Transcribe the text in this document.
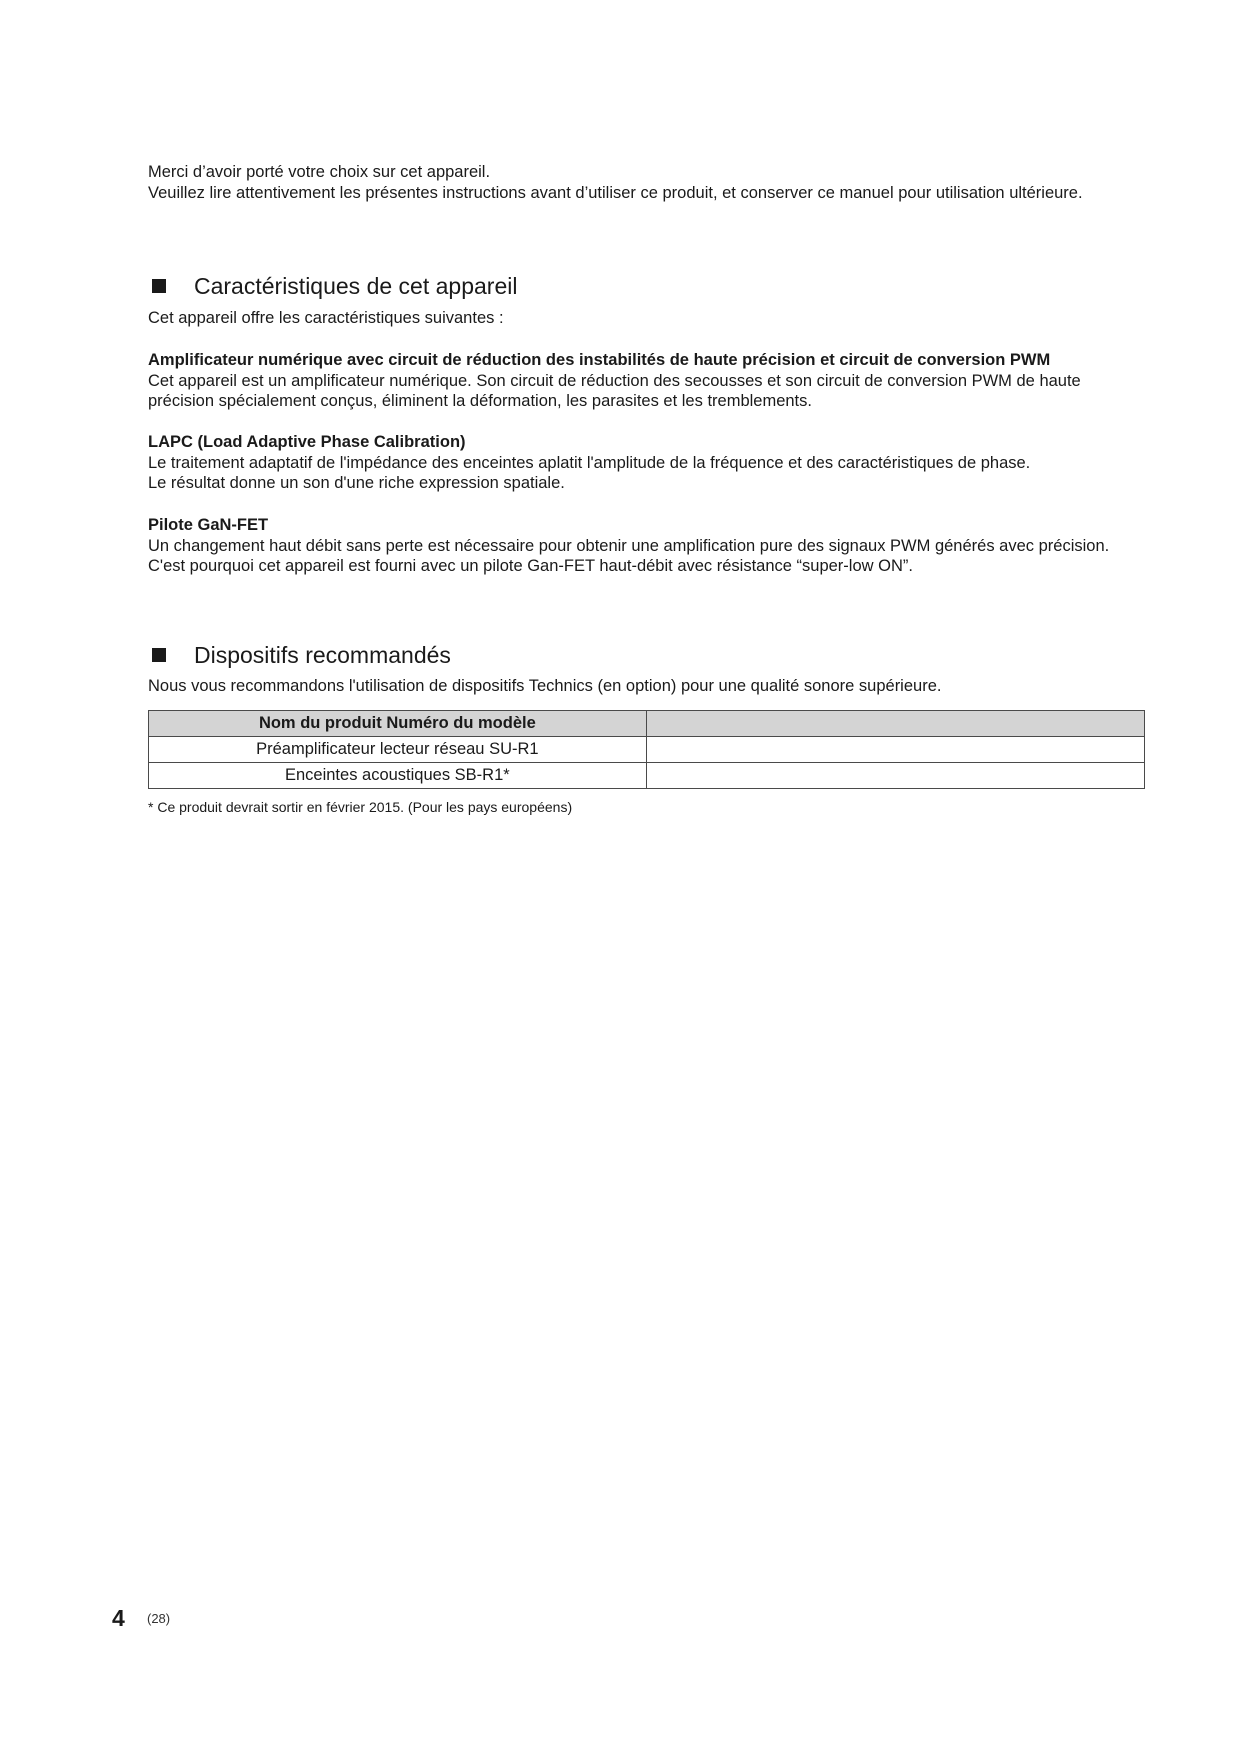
Merci d’avoir porté votre choix sur cet appareil.

Veuillez lire attentivement les présentes instructions avant d’utiliser ce produit, et conserver ce manuel pour utilisation ultérieure.

Caractéristiques de cet appareil

Cet appareil offre les caractéristiques suivantes :

Amplificateur numérique avec circuit de réduction des instabilités de haute précision et circuit de conversion PWM

Cet appareil est un amplificateur numérique. Son circuit de réduction des secousses et son circuit de conversion PWM de haute précision spécialement conçus, éliminent la déformation, les parasites et les tremblements.

LAPC (Load Adaptive Phase Calibration)

Le traitement adaptatif de l'impédance des enceintes aplatit l'amplitude de la fréquence et des caractéristiques de phase.

Le résultat donne un son d'une riche expression spatiale.

Pilote GaN-FET

Un changement haut débit sans perte est nécessaire pour obtenir une amplification pure des signaux PWM générés avec précision. C'est pourquoi cet appareil est fourni avec un pilote Gan-FET haut-débit avec résistance “super-low ON”.

Dispositifs recommandés

Nous vous recommandons l'utilisation de dispositifs Technics (en option) pour une qualité sonore supérieure.

Nom du produit Numéro du modèle	
Préamplificateur lecteur réseau SU-R1	
Enceintes acoustiques SB-R1*	
* Ce produit devrait sortir en février 2015. (Pour les pays européens)
4 (28)
